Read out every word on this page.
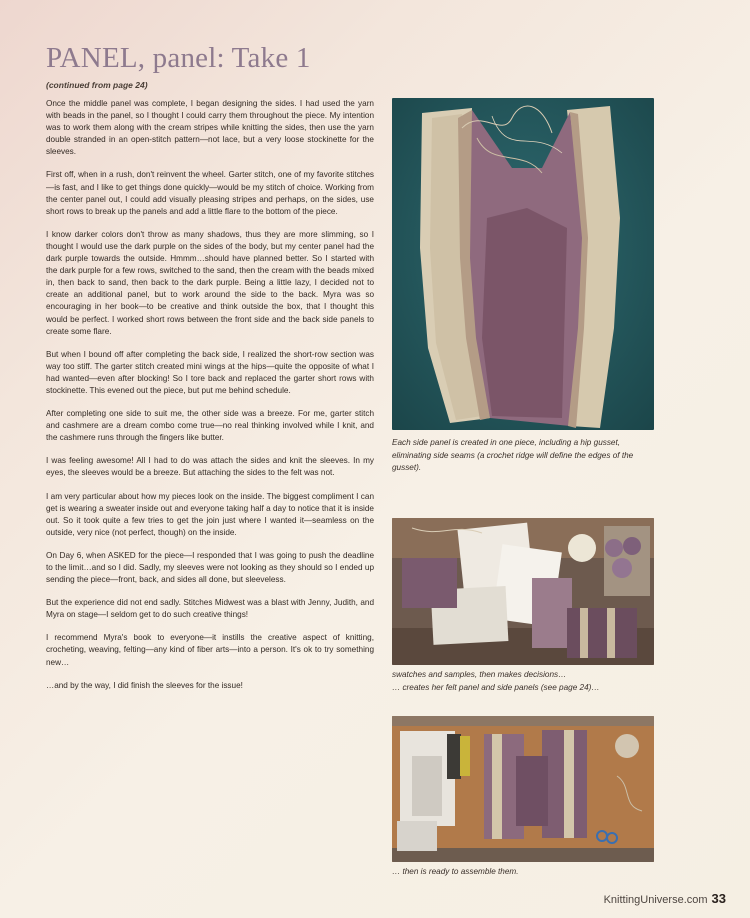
PANEL, panel: Take 1

(continued from page 24)

Once the middle panel was complete, I began designing the sides. I had used the yarn with beads in the panel, so I thought I could carry them throughout the piece. My intention was to work them along with the cream stripes while knitting the sides, then use the yarn double stranded in an open-stitch pattern—not lace, but a very loose stockinette for the sleeves.

First off, when in a rush, don't reinvent the wheel. Garter stitch, one of my favorite stitches—is fast, and I like to get things done quickly—would be my stitch of choice. Working from the center panel out, I could add visually pleasing stripes and perhaps, on the sides, use short rows to break up the panels and add a little flare to the bottom of the piece.

I know darker colors don't throw as many shadows, thus they are more slimming, so I thought I would use the dark purple on the sides of the body, but my center panel had the dark purple towards the outside. Hmmm…should have planned better. So I started with the dark purple for a few rows, switched to the sand, then the cream with the beads mixed in, then back to sand, then back to the dark purple. Being a little lazy, I decided not to create an additional panel, but to work around the side to the back. Myra was so encouraging in her book—to be creative and think outside the box, that I thought this would be perfect. I worked short rows between the front side and the back side panels to create some flare.

But when I bound off after completing the back side, I realized the short-row section was way too stiff. The garter stitch created mini wings at the hips—quite the opposite of what I had wanted—even after blocking! So I tore back and replaced the garter short rows with stockinette. This evened out the piece, but put me behind schedule.

After completing one side to suit me, the other side was a breeze. For me, garter stitch and cashmere are a dream combo come true—no real thinking involved while I knit, and the cashmere runs through the fingers like butter.

I was feeling awesome! All I had to do was attach the sides and knit the sleeves. In my eyes, the sleeves would be a breeze. But attaching the sides to the felt was not.

I am very particular about how my pieces look on the inside. The biggest compliment I can get is wearing a sweater inside out and everyone taking half a day to notice that it is inside out. So it took quite a few tries to get the join just where I wanted it—seamless on the outside, very nice (not perfect, though) on the inside.

On Day 6, when ASKED for the piece—I responded that I was going to push the deadline to the limit…and so I did. Sadly, my sleeves were not looking as they should so I ended up sending the piece—front, back, and sides all done, but sleeveless.

But the experience did not end sadly. Stitches Midwest was a blast with Jenny, Judith, and Myra on stage—I seldom get to do such creative things!

I recommend Myra's book to everyone—it instills the creative aspect of knitting, crocheting, weaving, felting—any kind of fiber arts—into a person. It's ok to try something new…

…and by the way, I did finish the sleeves for the issue!

Each side panel is created in one piece, including a hip gusset, eliminating side seams (a crochet ridge will define the edges of the gusset).

swatches and samples, then makes decisions…

… creates her felt panel and side panels (see page 24)…

… then is ready to assemble them.

KnittingUniverse.com 33
